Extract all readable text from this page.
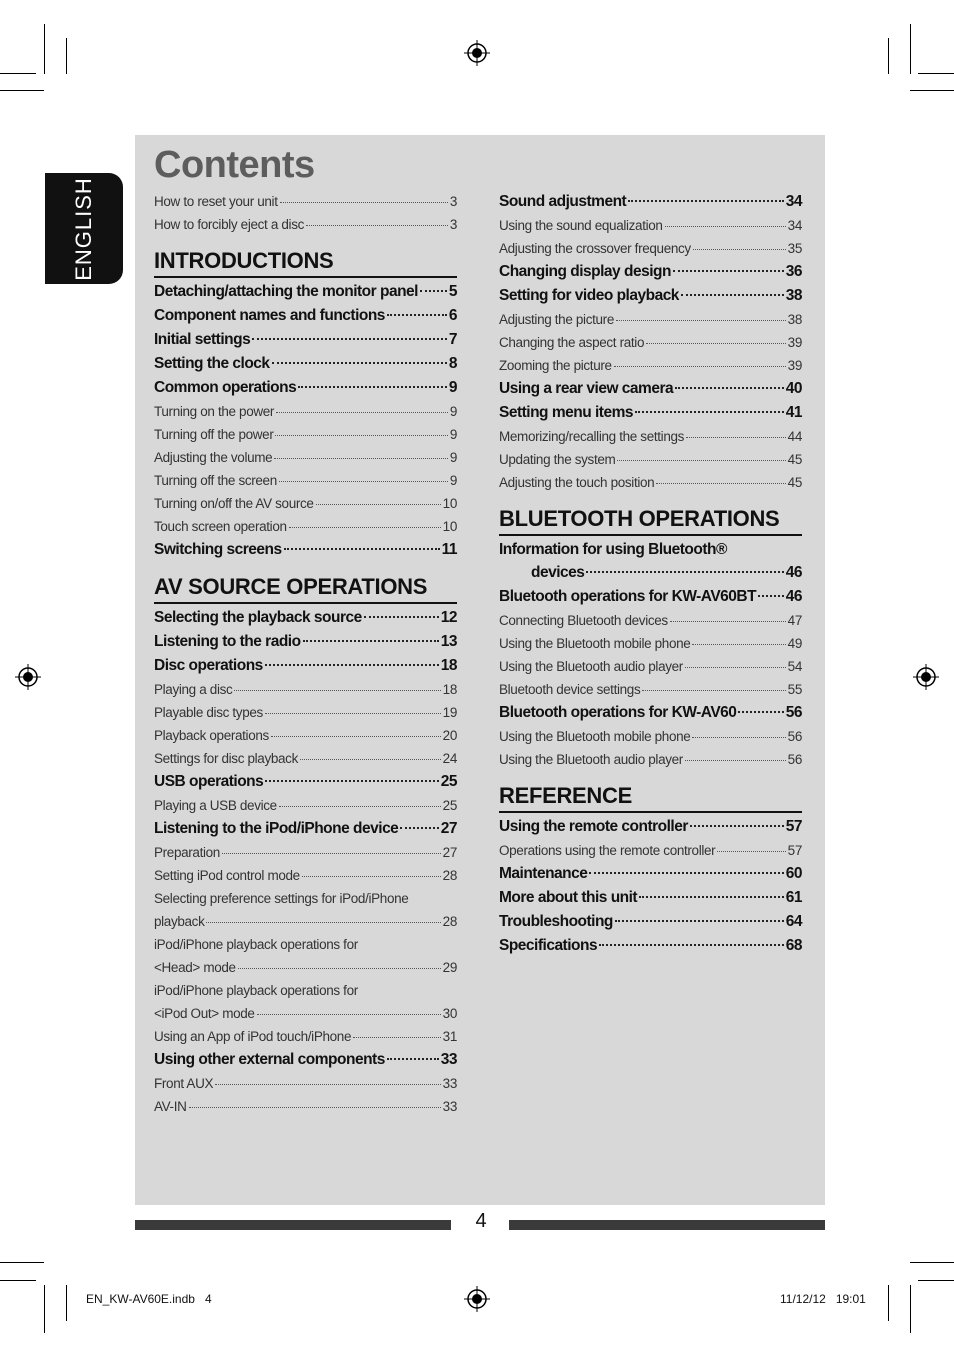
ENGLISH
Contents
How to reset your unit	3
How to forcibly eject a disc	3
INTRODUCTIONS
Detaching/attaching the monitor panel 5
Component names and functions	6
Initial settings	7
Setting the clock	8
Common operations	9
Turning on the power	9
Turning off the power	9
Adjusting the volume	9
Turning off the screen	9
Turning on/off the AV source	10
Touch screen operation	10
Switching screens	11
AV SOURCE OPERATIONS
Selecting the playback source	12
Listening to the radio	13
Disc operations	18
Playing a disc	18
Playable disc types	19
Playback operations	20
Settings for disc playback	24
USB operations	25
Playing a USB device	25
Listening to the iPod/iPhone device	27
Preparation	27
Setting iPod control mode	28
Selecting preference settings for iPod/iPhone
playback	28
iPod/iPhone playback operations for
<Head> mode	29
iPod/iPhone playback operations for
<iPod Out> mode	30
Using an App of iPod touch/iPhone	31
Using other external components	33
Front AUX	33
AV-IN	33
Sound adjustment	34
Using the sound equalization	34
Adjusting the crossover frequency	35
Changing display design	36
Setting for video playback	38
Adjusting the picture	38
Changing the aspect ratio	39
Zooming the picture	39
Using a rear view camera	40
Setting menu items	41
Memorizing/recalling the settings	44
Updating the system	45
Adjusting the touch position	45
BLUETOOTH OPERATIONS
Information for using Bluetooth®
devices	46
Bluetooth operations for KW-AV60BT 46
Connecting Bluetooth devices	47
Using the Bluetooth mobile phone	49
Using the Bluetooth audio player	54
Bluetooth device settings	55
Bluetooth operations for KW-AV60	56
Using the Bluetooth mobile phone	56
Using the Bluetooth audio player	56
REFERENCE
Using the remote controller	57
Operations using the remote controller	57
Maintenance	60
More about this unit	61
Troubleshooting	64
Specifications	68
4
EN_KW-AV60E.indb   4	11/12/12   19:01
